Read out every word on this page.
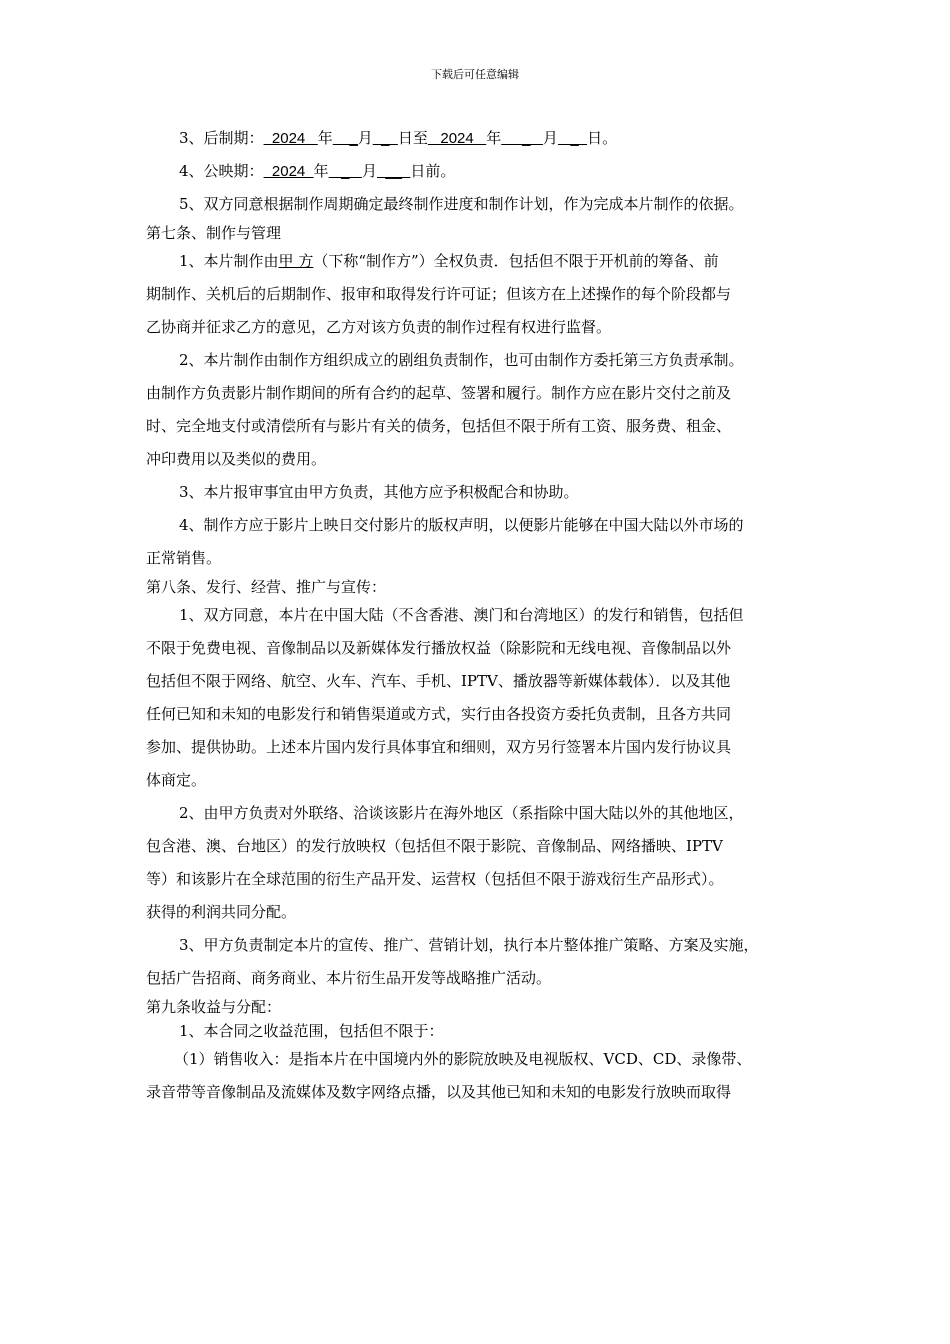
下载后可任意编辑
3、后制期：  2024   年    _月  _  日至   2024   年     _   月   _  日。
4、公映期：  2024  年   _   月  __  日前。
5、双方同意根据制作周期确定最终制作进度和制作计划，作为完成本片制作的依据。
第七条、制作与管理
1、本片制作由甲 方（下称“制作方”）全权负责．包括但不限于开机前的筹备、前
期制作、关机后的后期制作、报审和取得发行许可证；但该方在上述操作的每个阶段都与
乙协商并征求乙方的意见，乙方对该方负责的制作过程有权进行监督。
2、本片制作由制作方组织成立的剧组负责制作，也可由制作方委托第三方负责承制。
由制作方负责影片制作期间的所有合约的起草、签署和履行。制作方应在影片交付之前及
时、完全地支付或清偿所有与影片有关的债务，包括但不限于所有工资、服务费、租金、
冲印费用以及类似的费用。
3、本片报审事宜由甲方负责，其他方应予积极配合和协助。
4、制作方应于影片上映日交付影片的版权声明，以便影片能够在中国大陆以外市场的
正常销售。
第八条、发行、经营、推广与宣传：
1、双方同意，本片在中国大陆（不含香港、澳门和台湾地区）的发行和销售，包括但
不限于免费电视、音像制品以及新媒体发行播放权益（除影院和无线电视、音像制品以外
包括但不限于网络、航空、火车、汽车、手机、IPTV、播放器等新媒体载体）．以及其他
任何已知和未知的电影发行和销售渠道或方式，实行由各投资方委托负责制，且各方共同
参加、提供协助。上述本片国内发行具体事宜和细则，双方另行签署本片国内发行协议具
体商定。
2、由甲方负责对外联络、洽谈该影片在海外地区（系指除中国大陆以外的其他地区，
包含港、澳、台地区）的发行放映权（包括但不限于影院、音像制品、网络播映、IPTV
等）和该影片在全球范围的衍生产品开发、运营权（包括但不限于游戏衍生产品形式）。
获得的利润共同分配。
3、甲方负责制定本片的宣传、推广、营销计划，执行本片整体推广策略、方案及实施，
包括广告招商、商务商业、本片衍生品开发等战略推广活动。
第九条收益与分配：
1、本合同之收益范围，包括但不限于：
（1）销售收入：是指本片在中国境内外的影院放映及电视版权、VCD、CD、录像带、
录音带等音像制品及流媒体及数字网络点播，以及其他已知和未知的电影发行放映而取得
